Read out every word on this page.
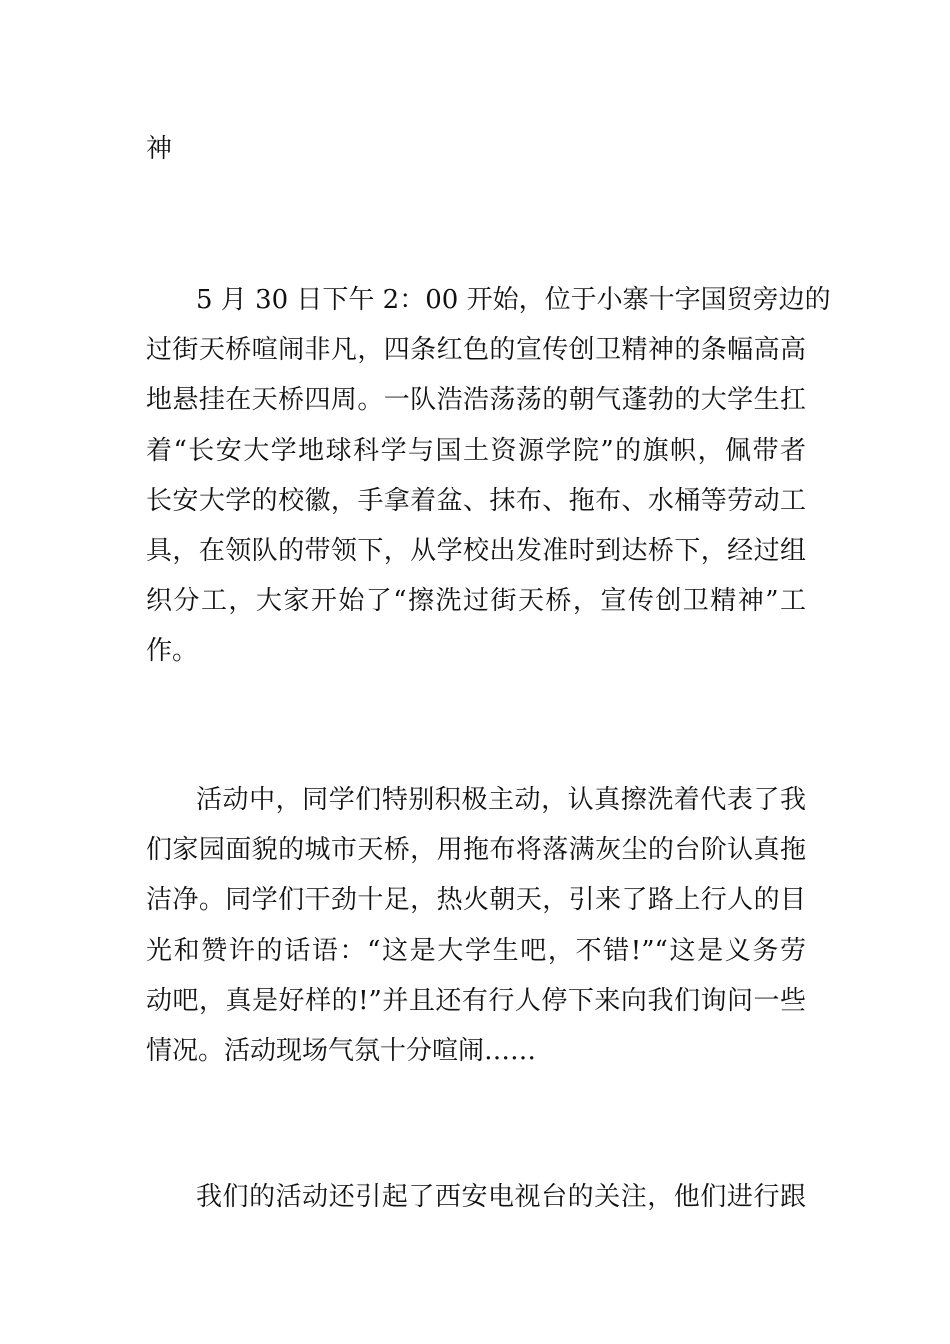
神
5 月 30 日下午 2：00 开始，位于小寨十字国贸旁边的
过街天桥喧闹非凡，四条红色的宣传创卫精神的条幅高高
地悬挂在天桥四周。一队浩浩荡荡的朝气蓬勃的大学生扛
着“长安大学地球科学与国土资源学院”的旗帜，佩带者
长安大学的校徽，手拿着盆、抹布、拖布、水桶等劳动工
具，在领队的带领下，从学校出发准时到达桥下，经过组
织分工，大家开始了“擦洗过街天桥，宣传创卫精神”工
作。
活动中，同学们特别积极主动，认真擦洗着代表了我
们家园面貌的城市天桥，用拖布将落满灰尘的台阶认真拖
洁净。同学们干劲十足，热火朝天，引来了路上行人的目
光和赞许的话语：“这是大学生吧，不错!”“这是义务劳
动吧，真是好样的!”并且还有行人停下来向我们询问一些
情况。活动现场气氛十分喧闹……
我们的活动还引起了西安电视台的关注，他们进行跟
